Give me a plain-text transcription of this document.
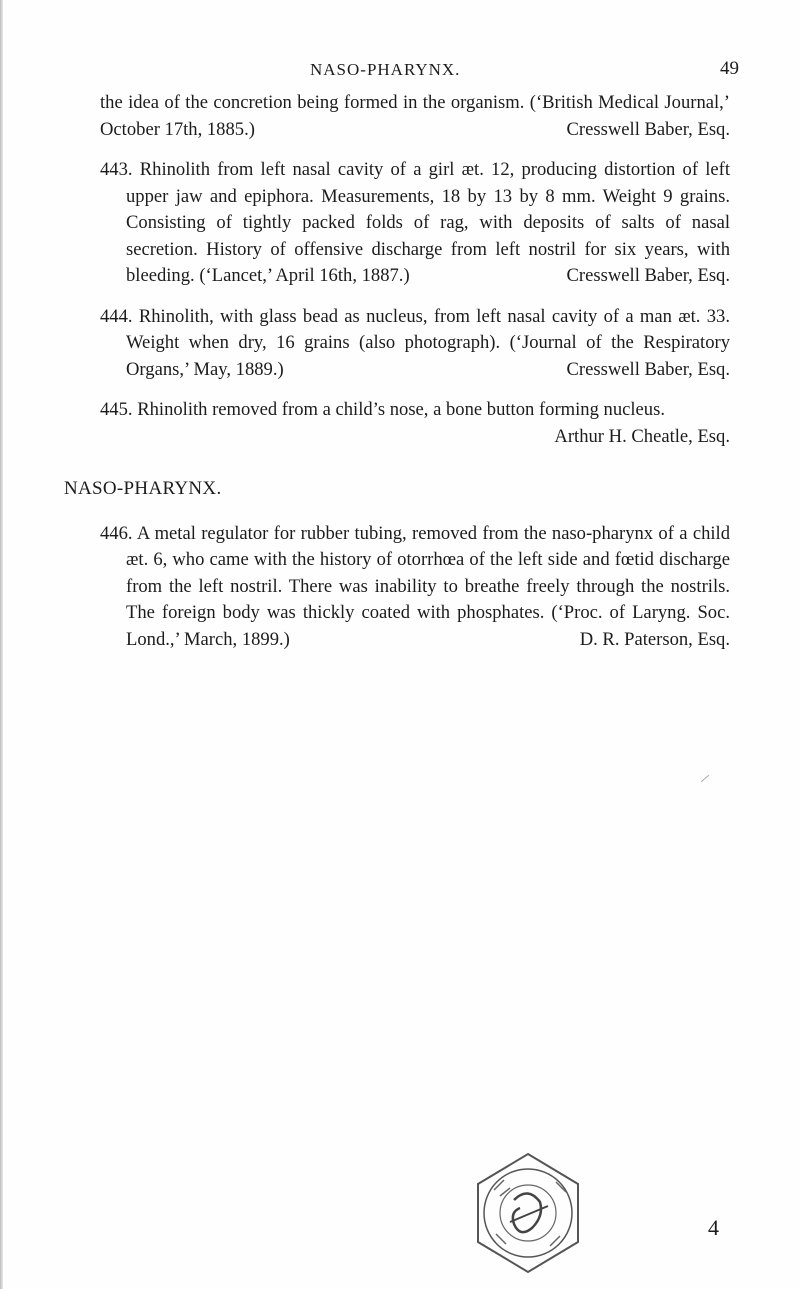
NASO-PHARYNX.	49

the idea of the concretion being formed in the organism. (‘British Medical Journal,’ October 17th, 1885.)	Cresswell Baber, Esq.

443. Rhinolith from left nasal cavity of a girl æt. 12, producing distortion of left upper jaw and epiphora. Measurements, 18 by 13 by 8 mm. Weight 9 grains. Consisting of tightly packed folds of rag, with deposits of salts of nasal secretion. History of offensive discharge from left nostril for six years, with bleeding. (‘Lancet,’ April 16th, 1887.)	Cresswell Baber, Esq.

444. Rhinolith, with glass bead as nucleus, from left nasal cavity of a man æt. 33. Weight when dry, 16 grains (also photograph). (‘Journal of the Respiratory Organs,’ May, 1889.)	Cresswell Baber, Esq.

445. Rhinolith removed from a child’s nose, a bone button forming nucleus.
Arthur H. Cheatle, Esq.

NASO-PHARYNX.

446. A metal regulator for rubber tubing, removed from the naso-pharynx of a child æt. 6, who came with the history of otorrhœa of the left side and fœtid discharge from the left nostril. There was inability to breathe freely through the nostrils. The foreign body was thickly coated with phosphates. (‘Proc. of Laryng. Soc. Lond.,’ March, 1899.)	D. R. Paterson, Esq.

4
